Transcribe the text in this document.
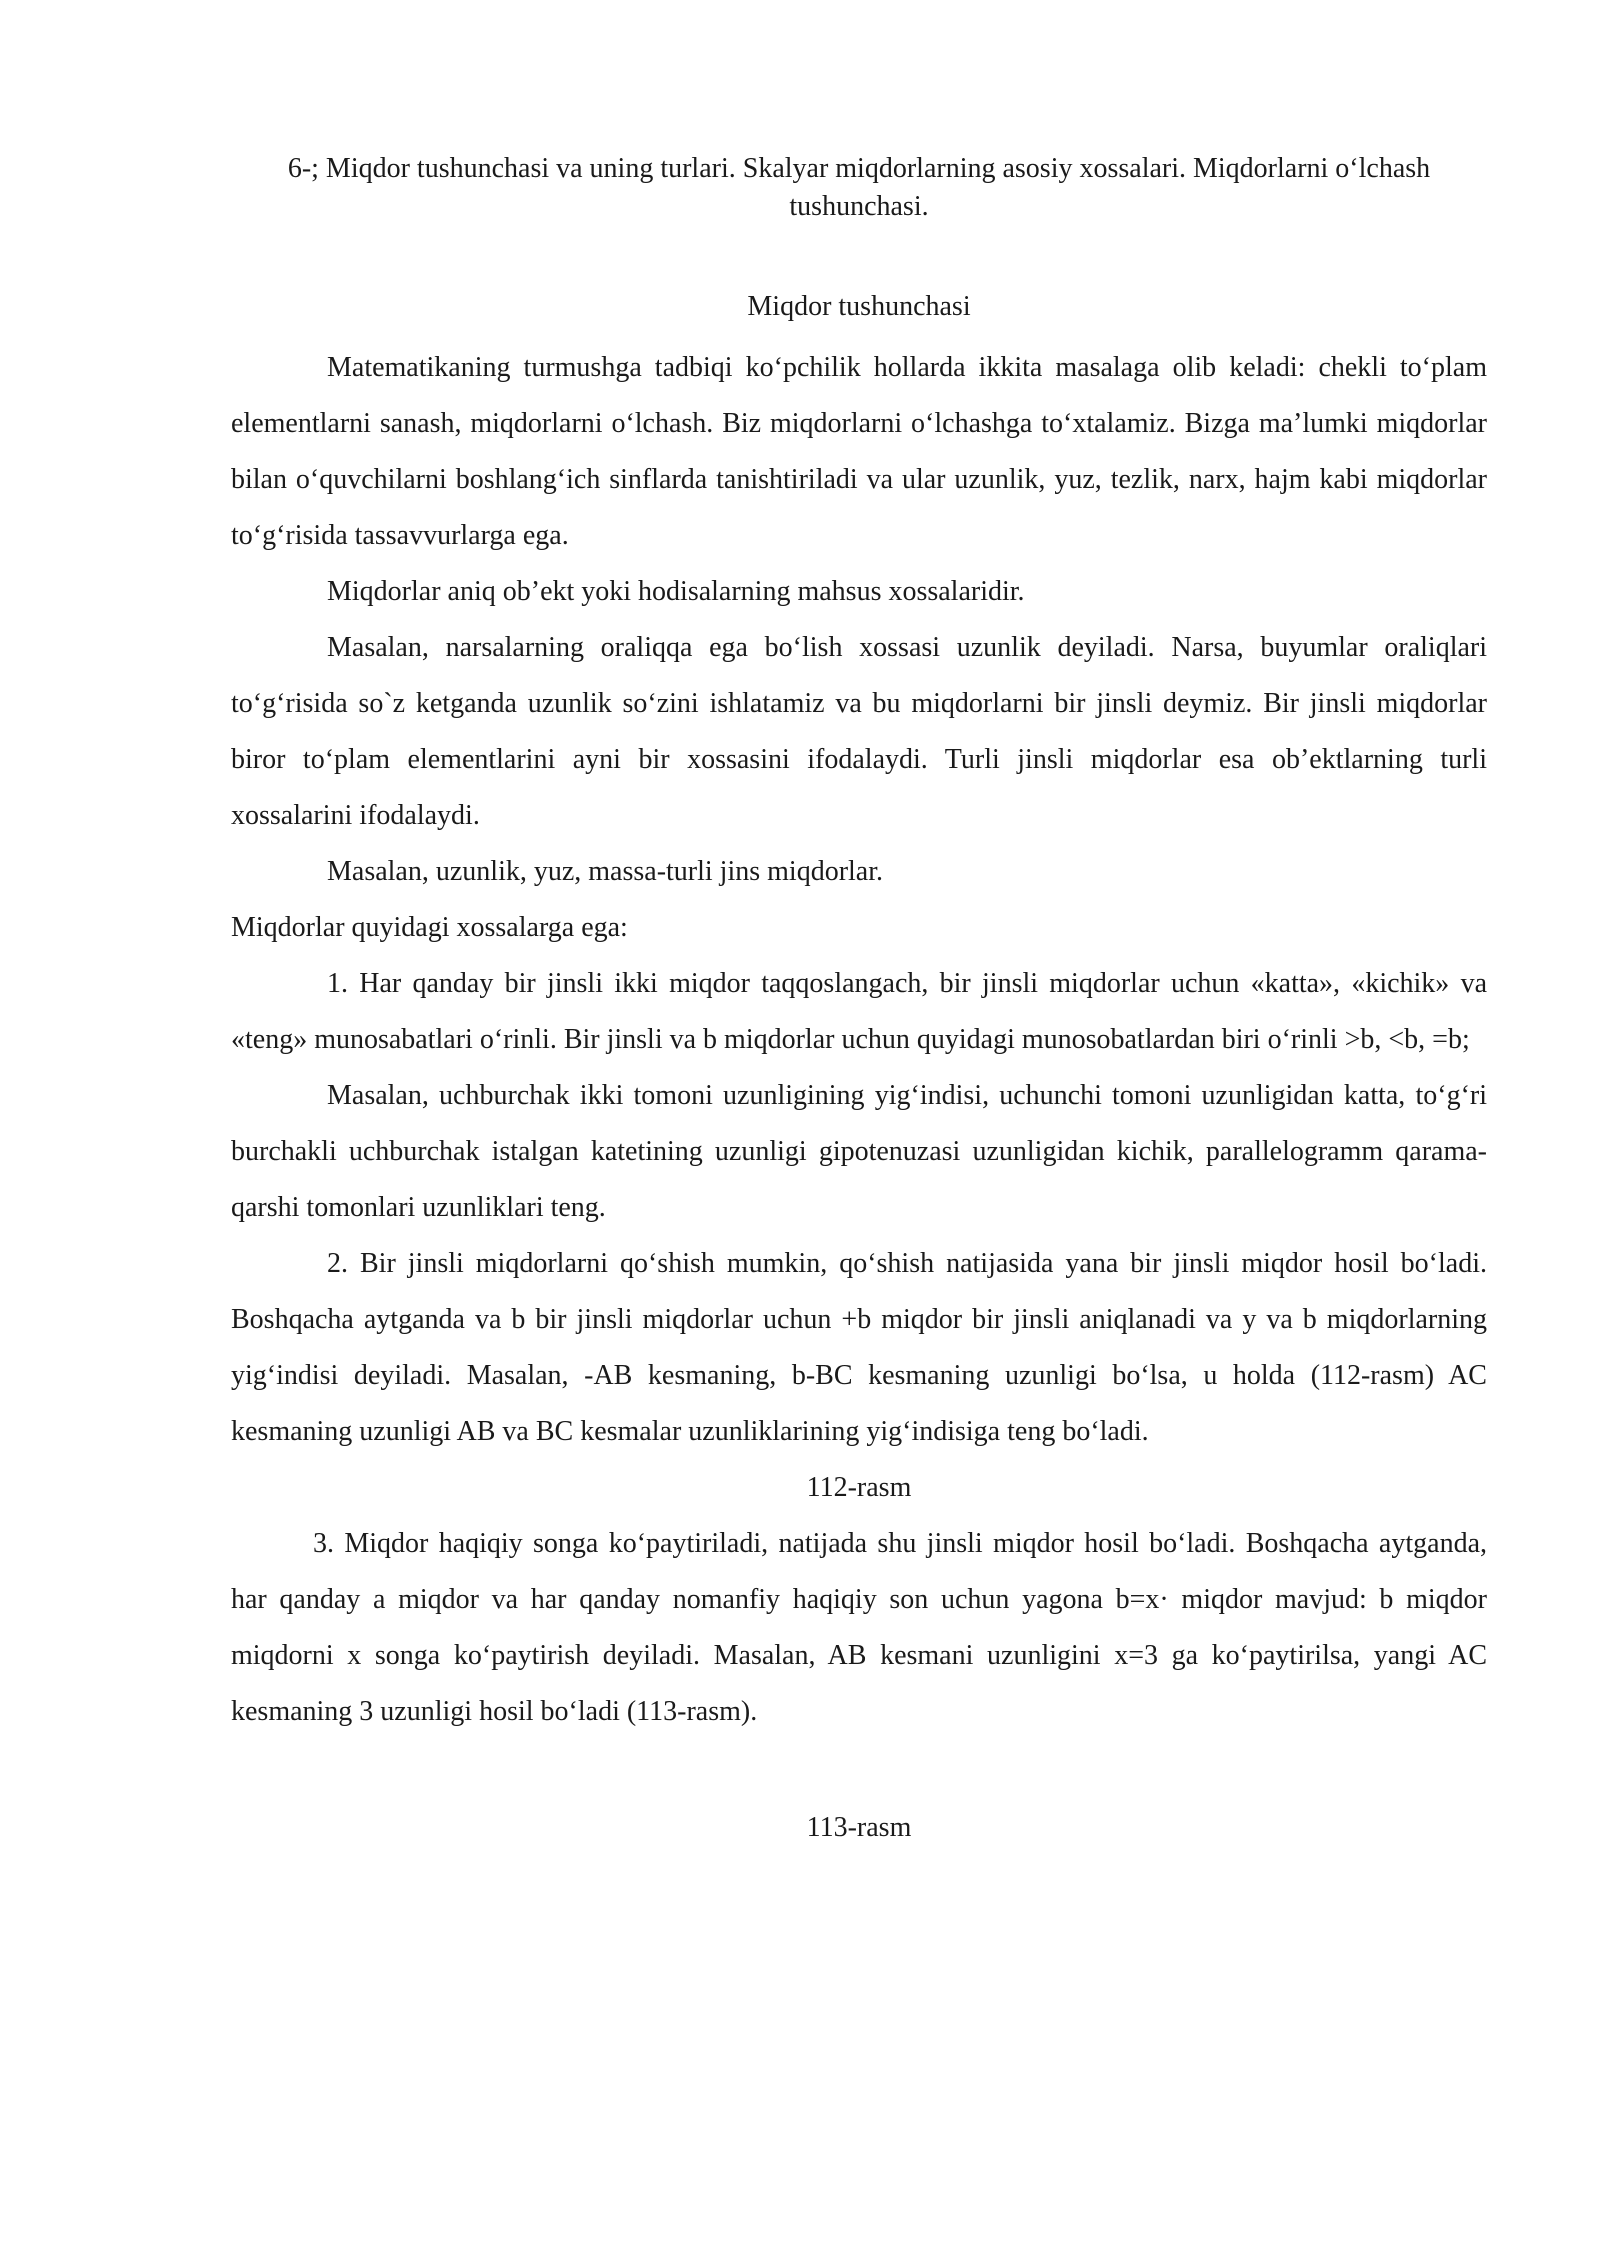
6-; Miqdor tushunchasi va uning turlari. Skalyar miqdorlarning asosiy xossalari. Miqdorlarni o‘lchash tushunchasi.

Miqdor tushunchasi

Matematikaning turmushga tadbiqi ko‘pchilik hollarda ikkita masalaga olib keladi: chekli to‘plam elementlarni sanash, miqdorlarni o‘lchash. Biz miqdorlarni o‘lchashga to‘xtalamiz. Bizga ma’lumki miqdorlar bilan o‘quvchilarni boshlang‘ich sinflarda tanishtiriladi va ular uzunlik, yuz, tezlik, narx, hajm kabi miqdorlar to‘g‘risida tassavvurlarga ega.

Miqdorlar aniq ob’ekt yoki hodisalarning mahsus xossalaridir.

Masalan, narsalarning oraliqqa ega bo‘lish xossasi uzunlik deyiladi. Narsa, buyumlar oraliqlari to‘g‘risida so`z ketganda uzunlik so‘zini ishlatamiz va bu miqdorlarni bir jinsli deymiz. Bir jinsli miqdorlar biror to‘plam elementlarini ayni bir xossasini ifodalaydi. Turli jinsli miqdorlar esa ob’ektlarning turli xossalarini ifodalaydi.

Masalan, uzunlik, yuz, massa-turli jins miqdorlar.

Miqdorlar quyidagi xossalarga ega:

1. Har qanday bir jinsli ikki miqdor taqqoslangach, bir jinsli miqdorlar uchun «katta», «kichik» va «teng» munosabatlari o‘rinli. Bir jinsli va b miqdorlar uchun quyidagi munosobatlardan biri o‘rinli >b, <b, =b;

Masalan, uchburchak ikki tomoni uzunligining yig‘indisi, uchunchi tomoni uzunligidan katta, to‘g‘ri burchakli uchburchak istalgan katetining uzunligi gipotenuzasi uzunligidan kichik, parallelogramm qarama-qarshi tomonlari uzunliklari teng.

2. Bir jinsli miqdorlarni qo‘shish mumkin, qo‘shish natijasida yana bir jinsli miqdor hosil bo‘ladi. Boshqacha aytganda va b bir jinsli miqdorlar uchun +b miqdor bir jinsli aniqlanadi va y va b miqdorlarning yig‘indisi deyiladi. Masalan, -AB kesmaning, b-BC kesmaning uzunligi bo‘lsa, u holda (112-rasm) AC kesmaning uzunligi AB va BC kesmalar uzunliklarining yig‘indisiga teng bo‘ladi.

112-rasm

3. Miqdor haqiqiy songa ko‘paytiriladi, natijada shu jinsli miqdor hosil bo‘ladi. Boshqacha aytganda, har qanday a miqdor va har qanday nomanfiy haqiqiy son uchun yagona b=x· miqdor mavjud: b miqdor miqdorni x songa ko‘paytirish deyiladi. Masalan, AB kesmani uzunligini x=3 ga ko‘paytirilsa, yangi AC kesmaning 3 uzunligi hosil bo‘ladi (113-rasm).

113-rasm
